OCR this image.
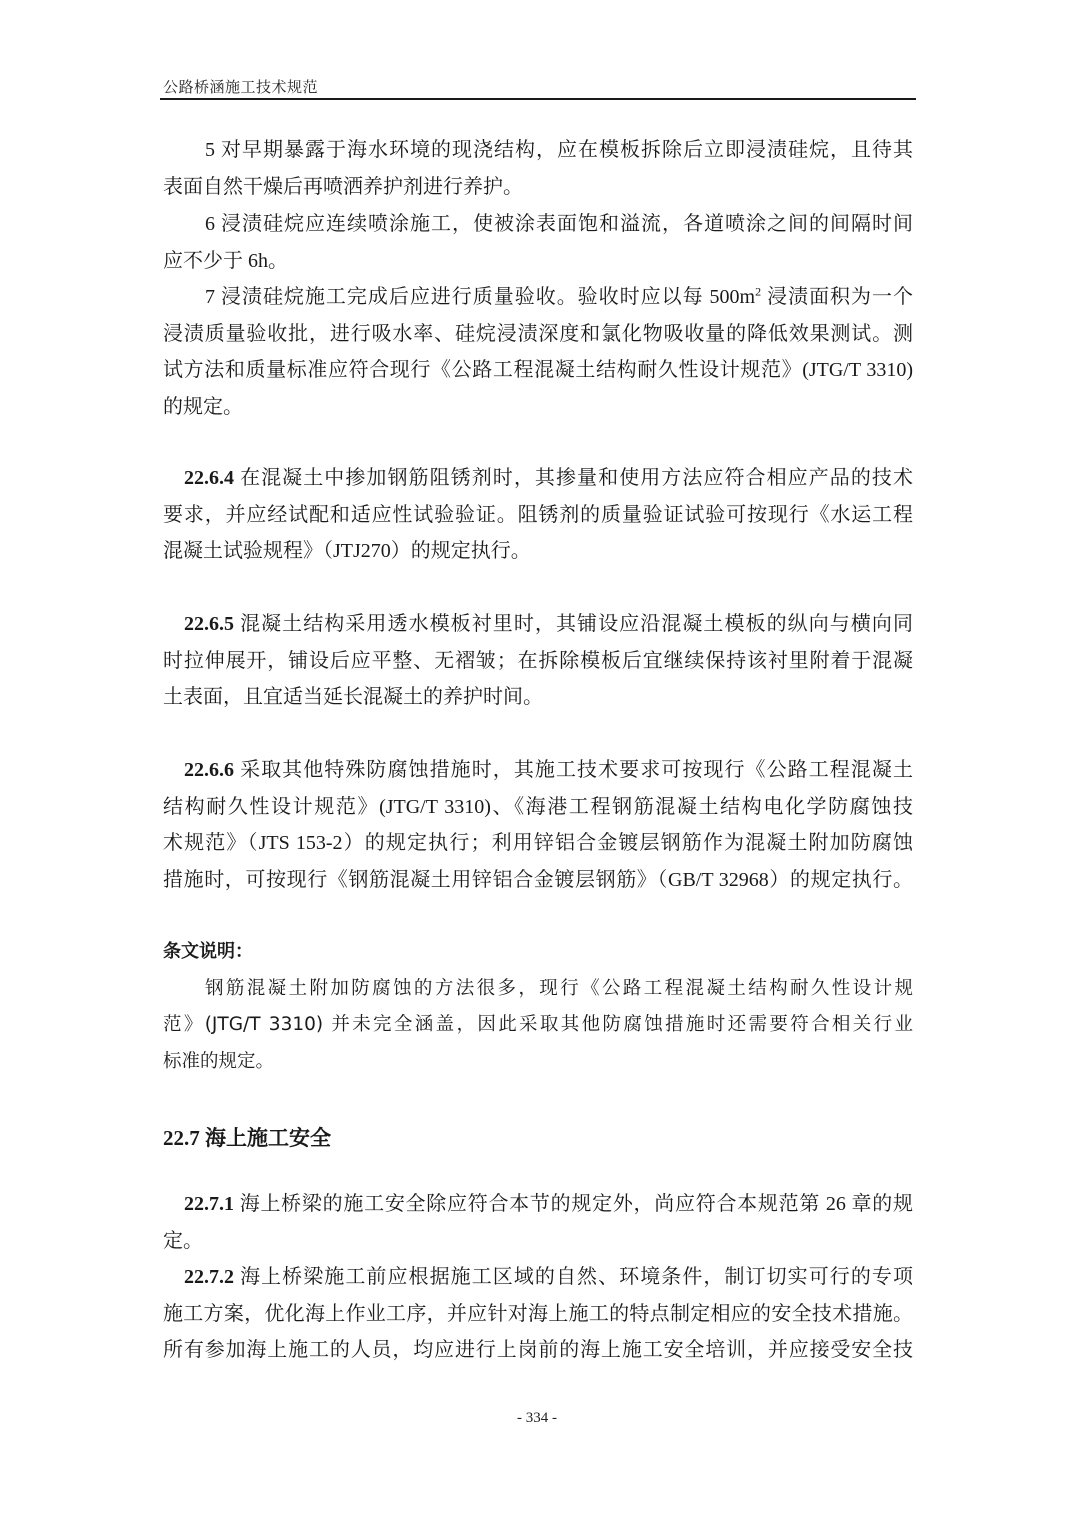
公路桥涵施工技术规范
5 对早期暴露于海水环境的现浇结构，应在模板拆除后立即浸渍硅烷，且待其
表面自然干燥后再喷洒养护剂进行养护。
6 浸渍硅烷应连续喷涂施工，使被涂表面饱和溢流，各道喷涂之间的间隔时间
应不少于 6h。
7 浸渍硅烷施工完成后应进行质量验收。验收时应以每 $500m^2$ 浸渍面积为一个
浸渍质量验收批，进行吸水率、硅烷浸渍深度和氯化物吸收量的降低效果测试。测
试方法和质量标准应符合现行《公路工程混凝土结构耐久性设计规范》(JTG/T 3310)
的规定。
22.6.4 在混凝土中掺加钢筋阻锈剂时，其掺量和使用方法应符合相应产品的技术
要求，并应经试配和适应性试验验证。阻锈剂的质量验证试验可按现行《水运工程
混凝土试验规程》（JTJ270）的规定执行。
22.6.5 混凝土结构采用透水模板衬里时，其铺设应沿混凝土模板的纵向与横向同
时拉伸展开，铺设后应平整、无褶皱；在拆除模板后宜继续保持该衬里附着于混凝
土表面，且宜适当延长混凝土的养护时间。
22.6.6 采取其他特殊防腐蚀措施时，其施工技术要求可按现行《公路工程混凝土
结构耐久性设计规范》(JTG/T 3310)、《海港工程钢筋混凝土结构电化学防腐蚀技
术规范》（JTS 153-2）的规定执行；利用锌铝合金镀层钢筋作为混凝土附加防腐蚀
措施时，可按现行《钢筋混凝土用锌铝合金镀层钢筋》（GB/T 32968）的规定执行。
条文说明：
钢筋混凝土附加防腐蚀的方法很多，现行《公路工程混凝土结构耐久性设计规
范》(JTG/T 3310) 并未完全涵盖，因此采取其他防腐蚀措施时还需要符合相关行业
标准的规定。
22.7 海上施工安全
22.7.1 海上桥梁的施工安全除应符合本节的规定外，尚应符合本规范第 26 章的规
定。
22.7.2 海上桥梁施工前应根据施工区域的自然、环境条件，制订切实可行的专项
施工方案，优化海上作业工序，并应针对海上施工的特点制定相应的安全技术措施。
所有参加海上施工的人员，均应进行上岗前的海上施工安全培训，并应接受安全技
- 334 -
